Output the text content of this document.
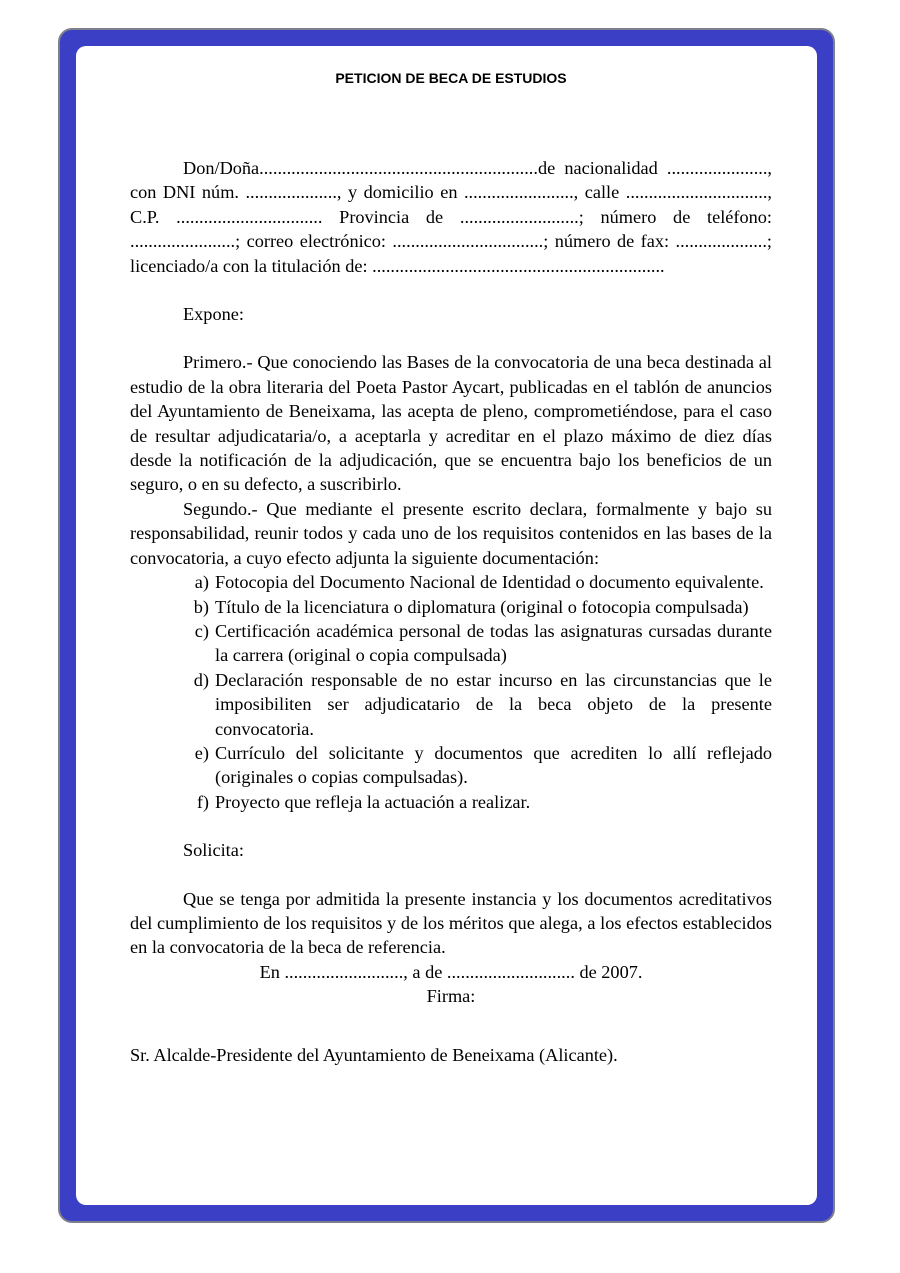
PETICION DE BECA DE ESTUDIOS

Don/Doña.............................................................de nacionalidad ......................, con DNI núm. ...................., y domicilio en ........................, calle ..............................., C.P. ................................ Provincia de ..........................; número de teléfono: .......................; correo electrónico: .................................; número de fax: ....................; licenciado/a con la titulación de: ................................................................

Expone:

Primero.- Que conociendo las Bases de la convocatoria de una beca destinada al estudio de la obra literaria del Poeta Pastor Aycart, publicadas en el tablón de anuncios del Ayuntamiento de Beneixama, las acepta de pleno, comprometiéndose, para el caso de resultar adjudicataria/o, a aceptarla y acreditar en el plazo máximo de diez días desde la notificación de la adjudicación, que se encuentra bajo los beneficios de un seguro, o en su defecto, a suscribirlo.

Segundo.- Que mediante el presente escrito declara, formalmente y bajo su responsabilidad, reunir todos y cada uno de los requisitos contenidos en las bases de la convocatoria, a cuyo efecto adjunta la siguiente documentación:

a) Fotocopia del Documento Nacional de Identidad o documento equivalente.
b) Título de la licenciatura o diplomatura (original o fotocopia compulsada)
c) Certificación académica personal de todas las asignaturas cursadas durante la carrera (original o copia compulsada)
d) Declaración responsable de no estar incurso en las circunstancias que le imposibiliten ser adjudicatario de la beca objeto de la presente convocatoria.
e) Currículo del solicitante y documentos que acrediten lo allí reflejado (originales o copias compulsadas).
f) Proyecto que refleja la actuación a realizar.

Solicita:

Que se tenga por admitida la presente instancia y los documentos acreditativos del cumplimiento de los requisitos y de los méritos que alega, a los efectos establecidos en la convocatoria de la beca de referencia.

En .........................., a de ............................ de 2007.

Firma:

Sr. Alcalde-Presidente del Ayuntamiento de Beneixama (Alicante).
